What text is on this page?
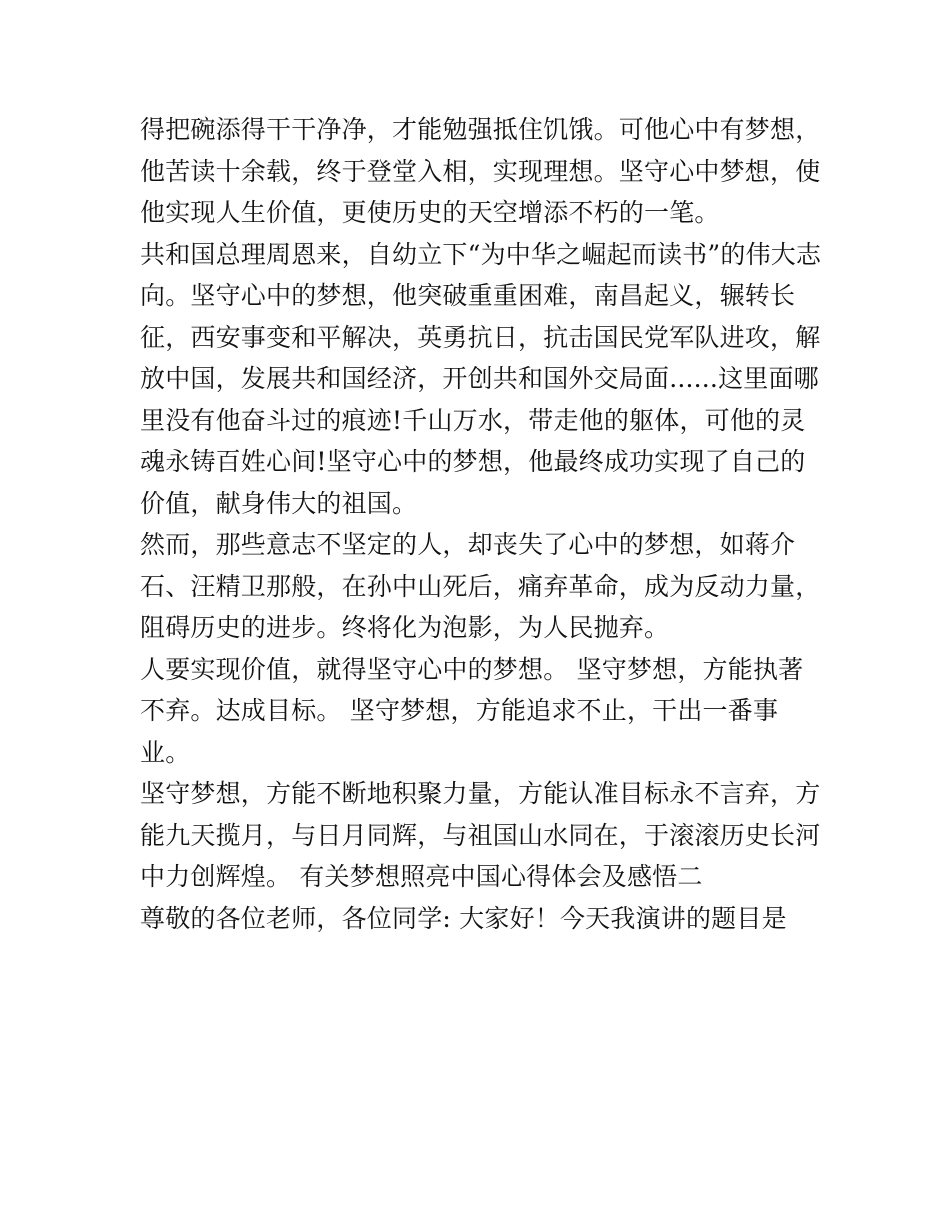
得把碗添得干干净净，才能勉强抵住饥饿。可他心中有梦想，
他苦读十余载，终于登堂入相，实现理想。坚守心中梦想，使
他实现人生价值，更使历史的天空增添不朽的一笔。
共和国总理周恩来，自幼立下“为中华之崛起而读书”的伟大志
向。坚守心中的梦想，他突破重重困难，南昌起义，辗转长
征，西安事变和平解决，英勇抗日，抗击国民党军队进攻，解
放中国，发展共和国经济，开创共和国外交局面......这里面哪
里没有他奋斗过的痕迹!千山万水，带走他的躯体，可他的灵
魂永铸百姓心间!坚守心中的梦想，他最终成功实现了自己的
价值，献身伟大的祖国。
然而，那些意志不坚定的人，却丧失了心中的梦想，如蒋介
石、汪精卫那般，在孙中山死后，痛弃革命，成为反动力量，
阻碍历史的进步。终将化为泡影，为人民抛弃。
人要实现价值，就得坚守心中的梦想。 坚守梦想，方能执著
不弃。达成目标。 坚守梦想，方能追求不止，干出一番事
业。
坚守梦想，方能不断地积聚力量，方能认准目标永不言弃，方
能九天揽月，与日月同辉，与祖国山水同在，于滚滚历史长河
中力创辉煌。 有关梦想照亮中国心得体会及感悟二
尊敬的各位老师，各位同学: 大家好！今天我演讲的题目是
